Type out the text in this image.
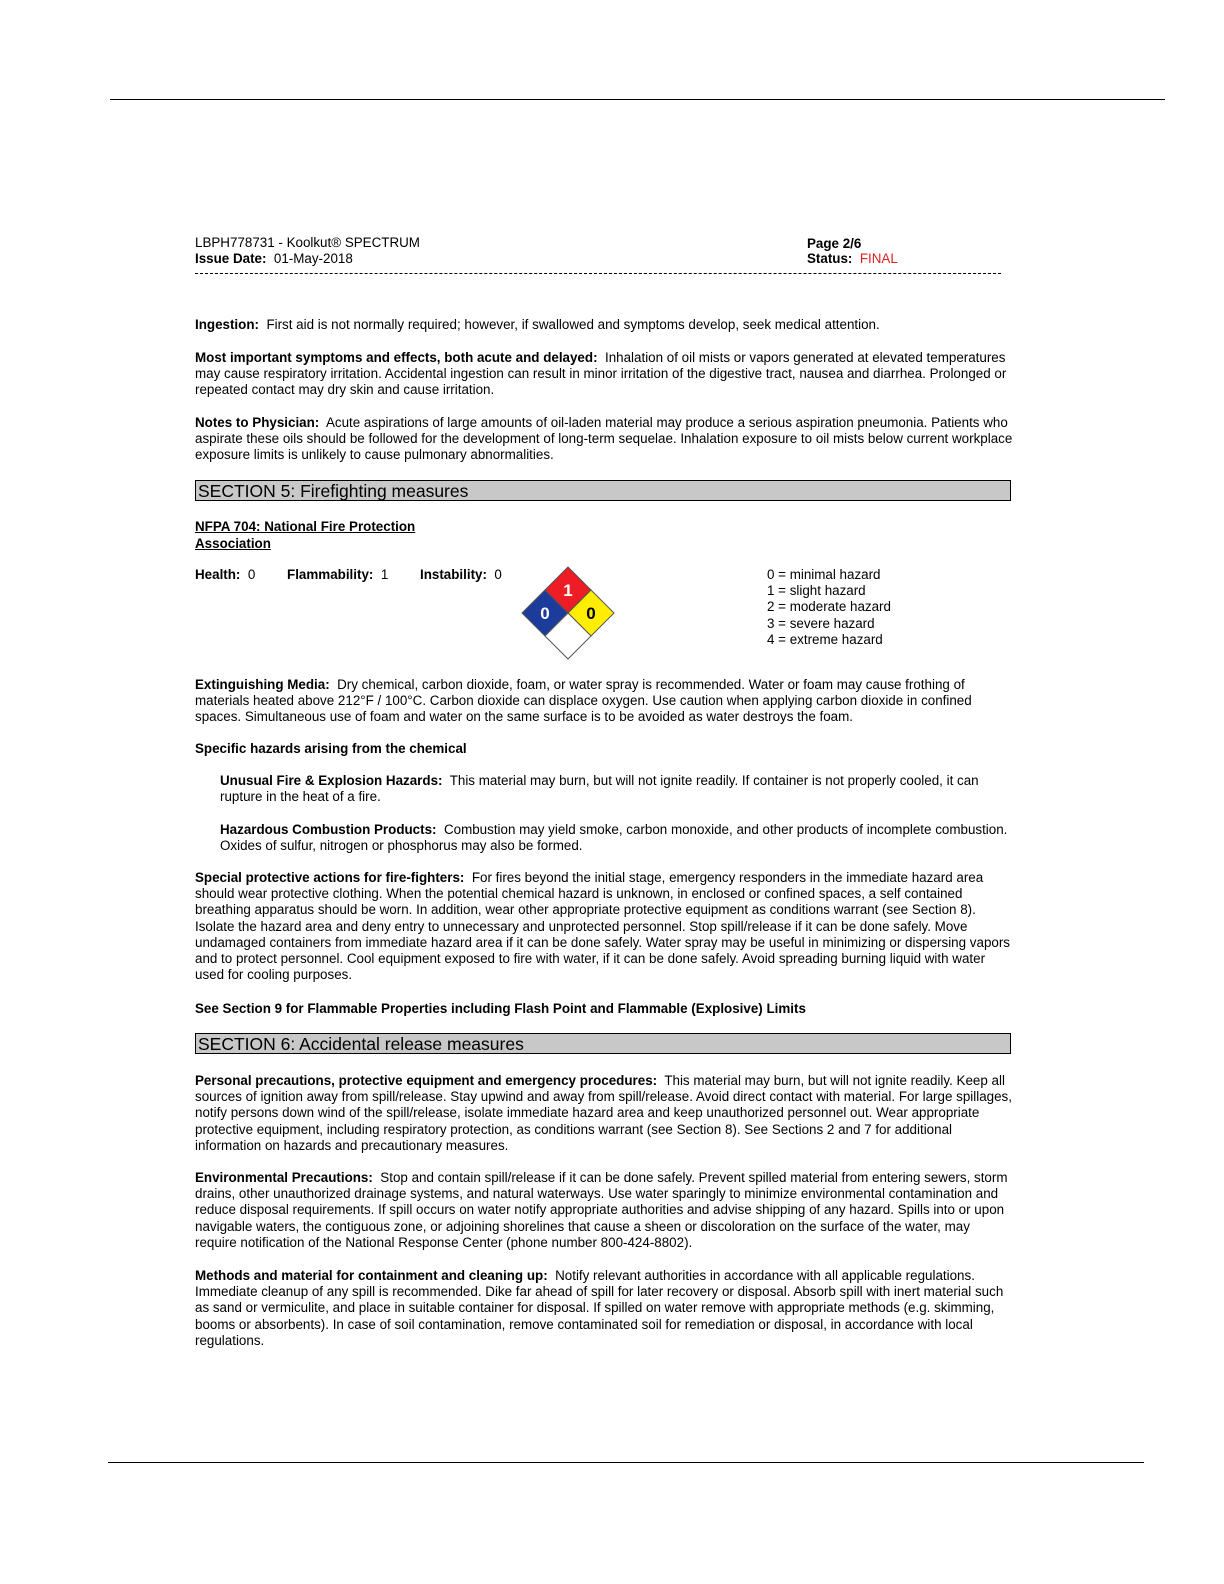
LBPH778731 - Koolkut® SPECTRUM
Issue Date: 01-May-2018
Page 2/6
Status: FINAL

Ingestion: First aid is not normally required; however, if swallowed and symptoms develop, seek medical attention.

Most important symptoms and effects, both acute and delayed: Inhalation of oil mists or vapors generated at elevated temperatures may cause respiratory irritation. Accidental ingestion can result in minor irritation of the digestive tract, nausea and diarrhea. Prolonged or repeated contact may dry skin and cause irritation.

Notes to Physician: Acute aspirations of large amounts of oil-laden material may produce a serious aspiration pneumonia. Patients who aspirate these oils should be followed for the development of long-term sequelae. Inhalation exposure to oil mists below current workplace exposure limits is unlikely to cause pulmonary abnormalities.

SECTION 5: Firefighting measures
NFPA 704: National Fire Protection Association
Health: 0 Flammability: 1 Instability: 0
1
0 0

0 = minimal hazard

1 = slight hazard

2 = moderate hazard

3 = severe hazard

4 = extreme hazard

Extinguishing Media: Dry chemical, carbon dioxide, foam, or water spray is recommended. Water or foam may cause frothing of materials heated above 212°F / 100°C. Carbon dioxide can displace oxygen. Use caution when applying carbon dioxide in confined spaces. Simultaneous use of foam and water on the same surface is to be avoided as water destroys the foam.

Specific hazards arising from the chemical

Unusual Fire & Explosion Hazards: This material may burn, but will not ignite readily. If container is not properly cooled, it can rupture in the heat of a fire.

Hazardous Combustion Products: Combustion may yield smoke, carbon monoxide, and other products of incomplete combustion. Oxides of sulfur, nitrogen or phosphorus may also be formed.

Special protective actions for fire-fighters: For fires beyond the initial stage, emergency responders in the immediate hazard area should wear protective clothing. When the potential chemical hazard is unknown, in enclosed or confined spaces, a self contained breathing apparatus should be worn. In addition, wear other appropriate protective equipment as conditions warrant (see Section 8). Isolate the hazard area and deny entry to unnecessary and unprotected personnel. Stop spill/release if it can be done safely. Move undamaged containers from immediate hazard area if it can be done safely. Water spray may be useful in minimizing or dispersing vapors and to protect personnel. Cool equipment exposed to fire with water, if it can be done safely. Avoid spreading burning liquid with water used for cooling purposes.

See Section 9 for Flammable Properties including Flash Point and Flammable (Explosive) Limits

SECTION 6: Accidental release measures

Personal precautions, protective equipment and emergency procedures: This material may burn, but will not ignite readily. Keep all sources of ignition away from spill/release. Stay upwind and away from spill/release. Avoid direct contact with material. For large spillages, notify persons down wind of the spill/release, isolate immediate hazard area and keep unauthorized personnel out. Wear appropriate protective equipment, including respiratory protection, as conditions warrant (see Section 8). See Sections 2 and 7 for additional information on hazards and precautionary measures.

Environmental Precautions: Stop and contain spill/release if it can be done safely. Prevent spilled material from entering sewers, storm drains, other unauthorized drainage systems, and natural waterways. Use water sparingly to minimize environmental contamination and reduce disposal requirements. If spill occurs on water notify appropriate authorities and advise shipping of any hazard. Spills into or upon navigable waters, the contiguous zone, or adjoining shorelines that cause a sheen or discoloration on the surface of the water, may require notification of the National Response Center (phone number 800-424-8802).

Methods and material for containment and cleaning up: Notify relevant authorities in accordance with all applicable regulations. Immediate cleanup of any spill is recommended. Dike far ahead of spill for later recovery or disposal. Absorb spill with inert material such as sand or vermiculite, and place in suitable container for disposal. If spilled on water remove with appropriate methods (e.g. skimming, booms or absorbents). In case of soil contamination, remove contaminated soil for remediation or disposal, in accordance with local regulations.
